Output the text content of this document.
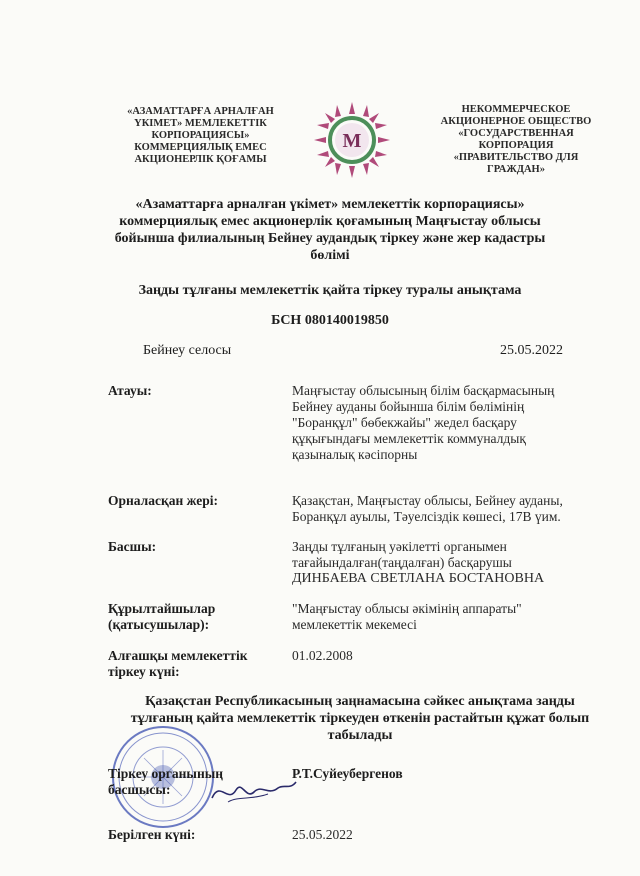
«АЗАМАТТАРҒА АРНАЛҒАН
ҮКІМЕТ» МЕМЛЕКЕТТІК
КОРПОРАЦИЯСЫ»
КОММЕРЦИЯЛЫҚ ЕМЕС
АКЦИОНЕРЛІК ҚОҒАМЫ
M
НЕКОММЕРЧЕСКОЕ
АКЦИОНЕРНОЕ ОБЩЕСТВО
«ГОСУДАРСТВЕННАЯ
КОРПОРАЦИЯ
«ПРАВИТЕЛЬСТВО ДЛЯ
ГРАЖДАН»
«Азаматтарға арналған үкімет» мемлекеттік корпорациясы»
коммерциялық емес акционерлік қоғамының Маңғыстау облысы
бойынша филиалының Бейнеу аудандық тіркеу және жер кадастры
бөлімі
Заңды тұлғаны мемлекеттік қайта тіркеу туралы анықтама
БСН 080140019850
Бейнеу селосы	25.05.2022
Атауы:	Маңғыстау облысының білім басқармасының
Бейнеу ауданы бойынша білім бөлімінің
"Боранқұл" бөбекжайы" жедел басқару
құқығындағы мемлекеттік коммуналдық
қазыналық кәсіпорны
Орналасқан жері:	Қазақстан, Маңғыстау облысы, Бейнеу ауданы,
Боранқұл ауылы, Тәуелсіздік көшесі, 17В үим.
Басшы:	Заңды тұлғаның уәкілетті органымен
тағайындалған(таңдалған) басқарушы
ДИНБАЕВА СВЕТЛАНА БОСТАНОВНА
Құрылтайшылар
(қатысушылар):
"Маңғыстау облысы әкімінің аппараты"
мемлекеттік мекемесі
Алғашқы мемлекеттік
тіркеу күні:
01.02.2008
Қазақстан Республикасының заңнамасына сәйкес анықтама заңды
тұлғаның қайта мемлекеттік тіркеуден өткенін растайтын құжат болып
табылады
Тіркеу органының
басшысы:
Р.Т.Суйеубергенов
Берілген күні:	25.05.2022
